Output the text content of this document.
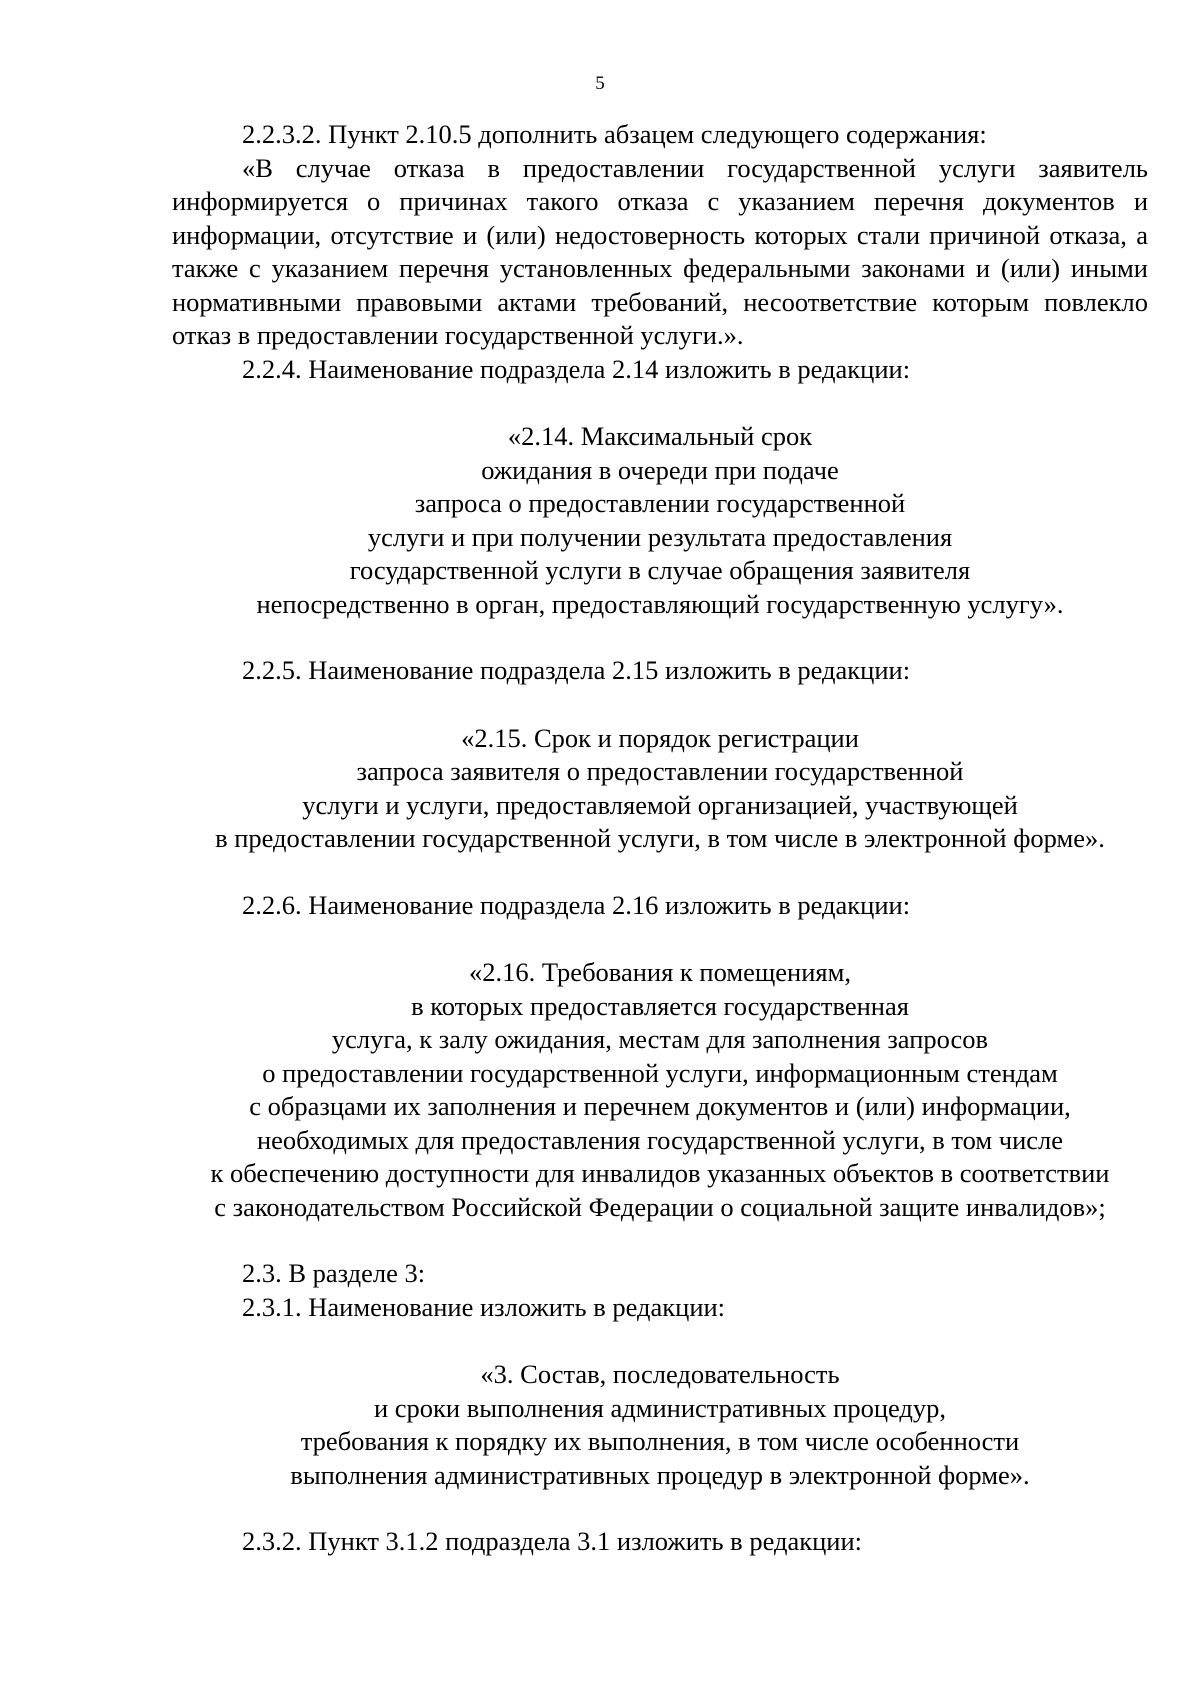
5

2.2.3.2. Пункт 2.10.5 дополнить абзацем следующего содержания:

«В случае отказа в предоставлении государственной услуги заявитель информируется о причинах такого отказа с указанием перечня документов и информации, отсутствие и (или) недостоверность которых стали причиной отказа, а также с указанием перечня установленных федеральными законами и (или) иными нормативными правовыми актами требований, несоответствие которым повлекло отказ в предоставлении государственной услуги.».

2.2.4. Наименование подраздела 2.14 изложить в редакции:

«2.14. Максимальный срок
ожидания в очереди при подаче
запроса о предоставлении государственной
услуги и при получении результата предоставления
государственной услуги в случае обращения заявителя
непосредственно в орган, предоставляющий государственную услугу».

2.2.5. Наименование подраздела 2.15 изложить в редакции:

«2.15. Срок и порядок регистрации
запроса заявителя о предоставлении государственной
услуги и услуги, предоставляемой организацией, участвующей
в предоставлении государственной услуги, в том числе в электронной форме».

2.2.6. Наименование подраздела 2.16 изложить в редакции:

«2.16. Требования к помещениям,
в которых предоставляется государственная
услуга, к залу ожидания, местам для заполнения запросов
о предоставлении государственной услуги, информационным стендам
с образцами их заполнения и перечнем документов и (или) информации,
необходимых для предоставления государственной услуги, в том числе
к обеспечению доступности для инвалидов указанных объектов в соответствии
с законодательством Российской Федерации о социальной защите инвалидов»;

2.3. В разделе 3:

2.3.1. Наименование изложить в редакции:

«3. Состав, последовательность
и сроки выполнения административных процедур,
требования к порядку их выполнения, в том числе особенности
выполнения административных процедур в электронной форме».

2.3.2. Пункт 3.1.2 подраздела 3.1 изложить в редакции:
